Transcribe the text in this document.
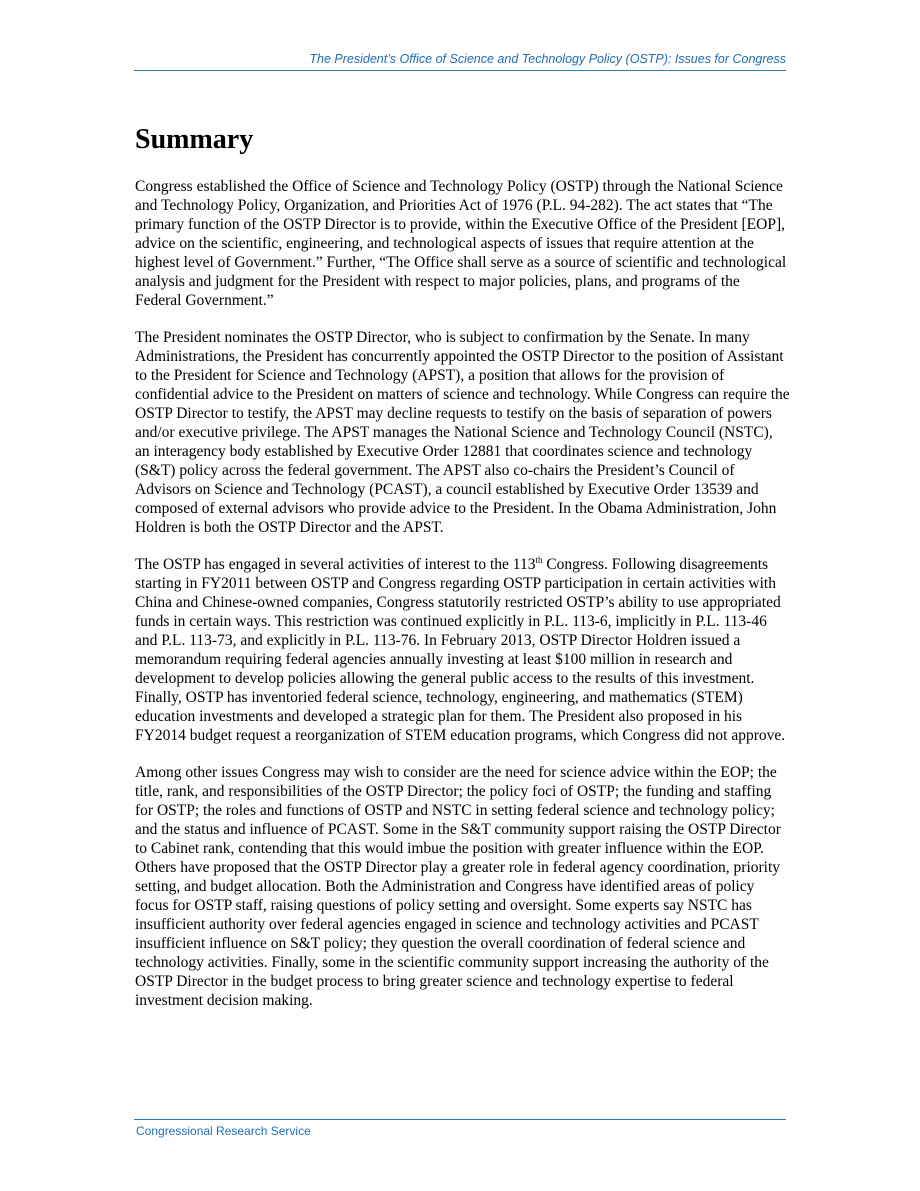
The President’s Office of Science and Technology Policy (OSTP): Issues for Congress
Summary

Congress established the Office of Science and Technology Policy (OSTP) through the National Science and Technology Policy, Organization, and Priorities Act of 1976 (P.L. 94-282). The act states that “The primary function of the OSTP Director is to provide, within the Executive Office of the President [EOP], advice on the scientific, engineering, and technological aspects of issues that require attention at the highest level of Government.” Further, “The Office shall serve as a source of scientific and technological analysis and judgment for the President with respect to major policies, plans, and programs of the Federal Government.”

The President nominates the OSTP Director, who is subject to confirmation by the Senate. In many Administrations, the President has concurrently appointed the OSTP Director to the position of Assistant to the President for Science and Technology (APST), a position that allows for the provision of confidential advice to the President on matters of science and technology. While Congress can require the OSTP Director to testify, the APST may decline requests to testify on the basis of separation of powers and/or executive privilege. The APST manages the National Science and Technology Council (NSTC), an interagency body established by Executive Order 12881 that coordinates science and technology (S&T) policy across the federal government. The APST also co-chairs the President’s Council of Advisors on Science and Technology (PCAST), a council established by Executive Order 13539 and composed of external advisors who provide advice to the President. In the Obama Administration, John Holdren is both the OSTP Director and the APST.

The OSTP has engaged in several activities of interest to the 113th Congress. Following disagreements starting in FY2011 between OSTP and Congress regarding OSTP participation in certain activities with China and Chinese-owned companies, Congress statutorily restricted OSTP’s ability to use appropriated funds in certain ways. This restriction was continued explicitly in P.L. 113-6, implicitly in P.L. 113-46 and P.L. 113-73, and explicitly in P.L. 113-76. In February 2013, OSTP Director Holdren issued a memorandum requiring federal agencies annually investing at least $100 million in research and development to develop policies allowing the general public access to the results of this investment. Finally, OSTP has inventoried federal science, technology, engineering, and mathematics (STEM) education investments and developed a strategic plan for them. The President also proposed in his FY2014 budget request a reorganization of STEM education programs, which Congress did not approve.

Among other issues Congress may wish to consider are the need for science advice within the EOP; the title, rank, and responsibilities of the OSTP Director; the policy foci of OSTP; the funding and staffing for OSTP; the roles and functions of OSTP and NSTC in setting federal science and technology policy; and the status and influence of PCAST. Some in the S&T community support raising the OSTP Director to Cabinet rank, contending that this would imbue the position with greater influence within the EOP. Others have proposed that the OSTP Director play a greater role in federal agency coordination, priority setting, and budget allocation. Both the Administration and Congress have identified areas of policy focus for OSTP staff, raising questions of policy setting and oversight. Some experts say NSTC has insufficient authority over federal agencies engaged in science and technology activities and PCAST insufficient influence on S&T policy; they question the overall coordination of federal science and technology activities. Finally, some in the scientific community support increasing the authority of the OSTP Director in the budget process to bring greater science and technology expertise to federal investment decision making.

Congressional Research Service
